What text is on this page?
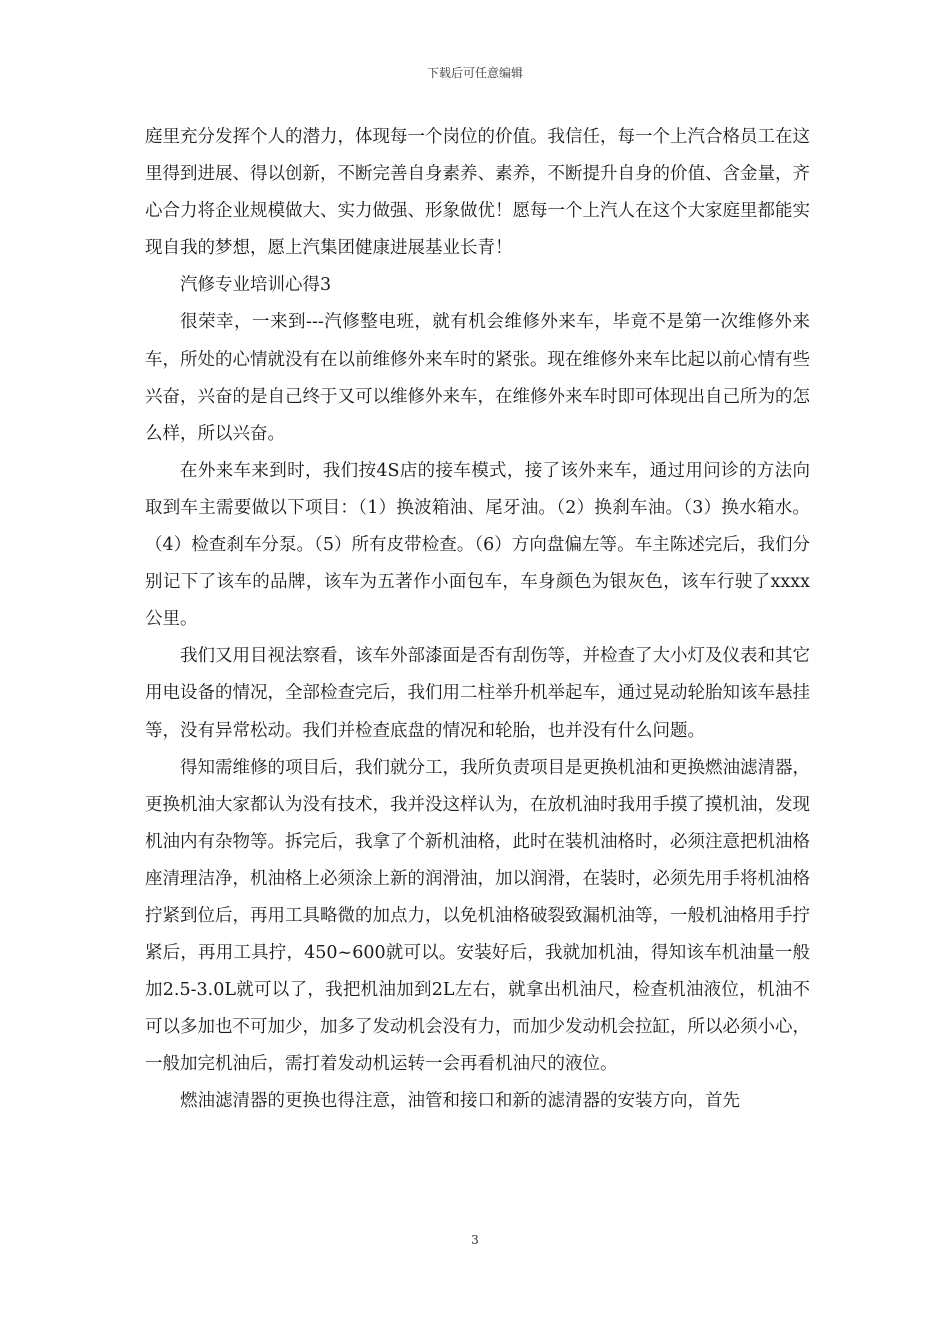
下载后可任意编辑

庭里充分发挥个人的潜力，体现每一个岗位的价值。我信任，每一个上汽合格员工在这里得到进展、得以创新，不断完善自身素养、素养，不断提升自身的价值、含金量，齐心合力将企业规模做大、实力做强、形象做优！愿每一个上汽人在这个大家庭里都能实现自我的梦想，愿上汽集团健康进展基业长青！

汽修专业培训心得3

很荣幸，一来到---汽修整电班，就有机会维修外来车，毕竟不是第一次维修外来车，所处的心情就没有在以前维修外来车时的紧张。现在维修外来车比起以前心情有些兴奋，兴奋的是自己终于又可以维修外来车，在维修外来车时即可体现出自己所为的怎么样，所以兴奋。

在外来车来到时，我们按4S店的接车模式，接了该外来车，通过用问诊的方法向取到车主需要做以下项目：（1）换波箱油、尾牙油。（2）换刹车油。（3）换水箱水。（4）检查刹车分泵。（5）所有皮带检查。（6）方向盘偏左等。车主陈述完后，我们分别记下了该车的品牌，该车为五著作小面包车，车身颜色为银灰色，该车行驶了xxxx公里。

我们又用目视法察看，该车外部漆面是否有刮伤等，并检查了大小灯及仪表和其它用电设备的情况，全部检查完后，我们用二柱举升机举起车，通过晃动轮胎知该车悬挂等，没有异常松动。我们并检查底盘的情况和轮胎，也并没有什么问题。

得知需维修的项目后，我们就分工，我所负责项目是更换机油和更换燃油滤清器，更换机油大家都认为没有技术，我并没这样认为，在放机油时我用手摸了摸机油，发现机油内有杂物等。拆完后，我拿了个新机油格，此时在装机油格时，必须注意把机油格座清理洁净，机油格上必须涂上新的润滑油，加以润滑，在装时，必须先用手将机油格拧紧到位后，再用工具略微的加点力，以免机油格破裂致漏机油等，一般机油格用手拧紧后，再用工具拧，450~600就可以。安装好后，我就加机油，得知该车机油量一般加2.5-3.0L就可以了，我把机油加到2L左右，就拿出机油尺，检查机油液位，机油不可以多加也不可加少，加多了发动机会没有力，而加少发动机会拉缸，所以必须小心，一般加完机油后，需打着发动机运转一会再看机油尺的液位。

燃油滤清器的更换也得注意，油管和接口和新的滤清器的安装方向，首先

3
